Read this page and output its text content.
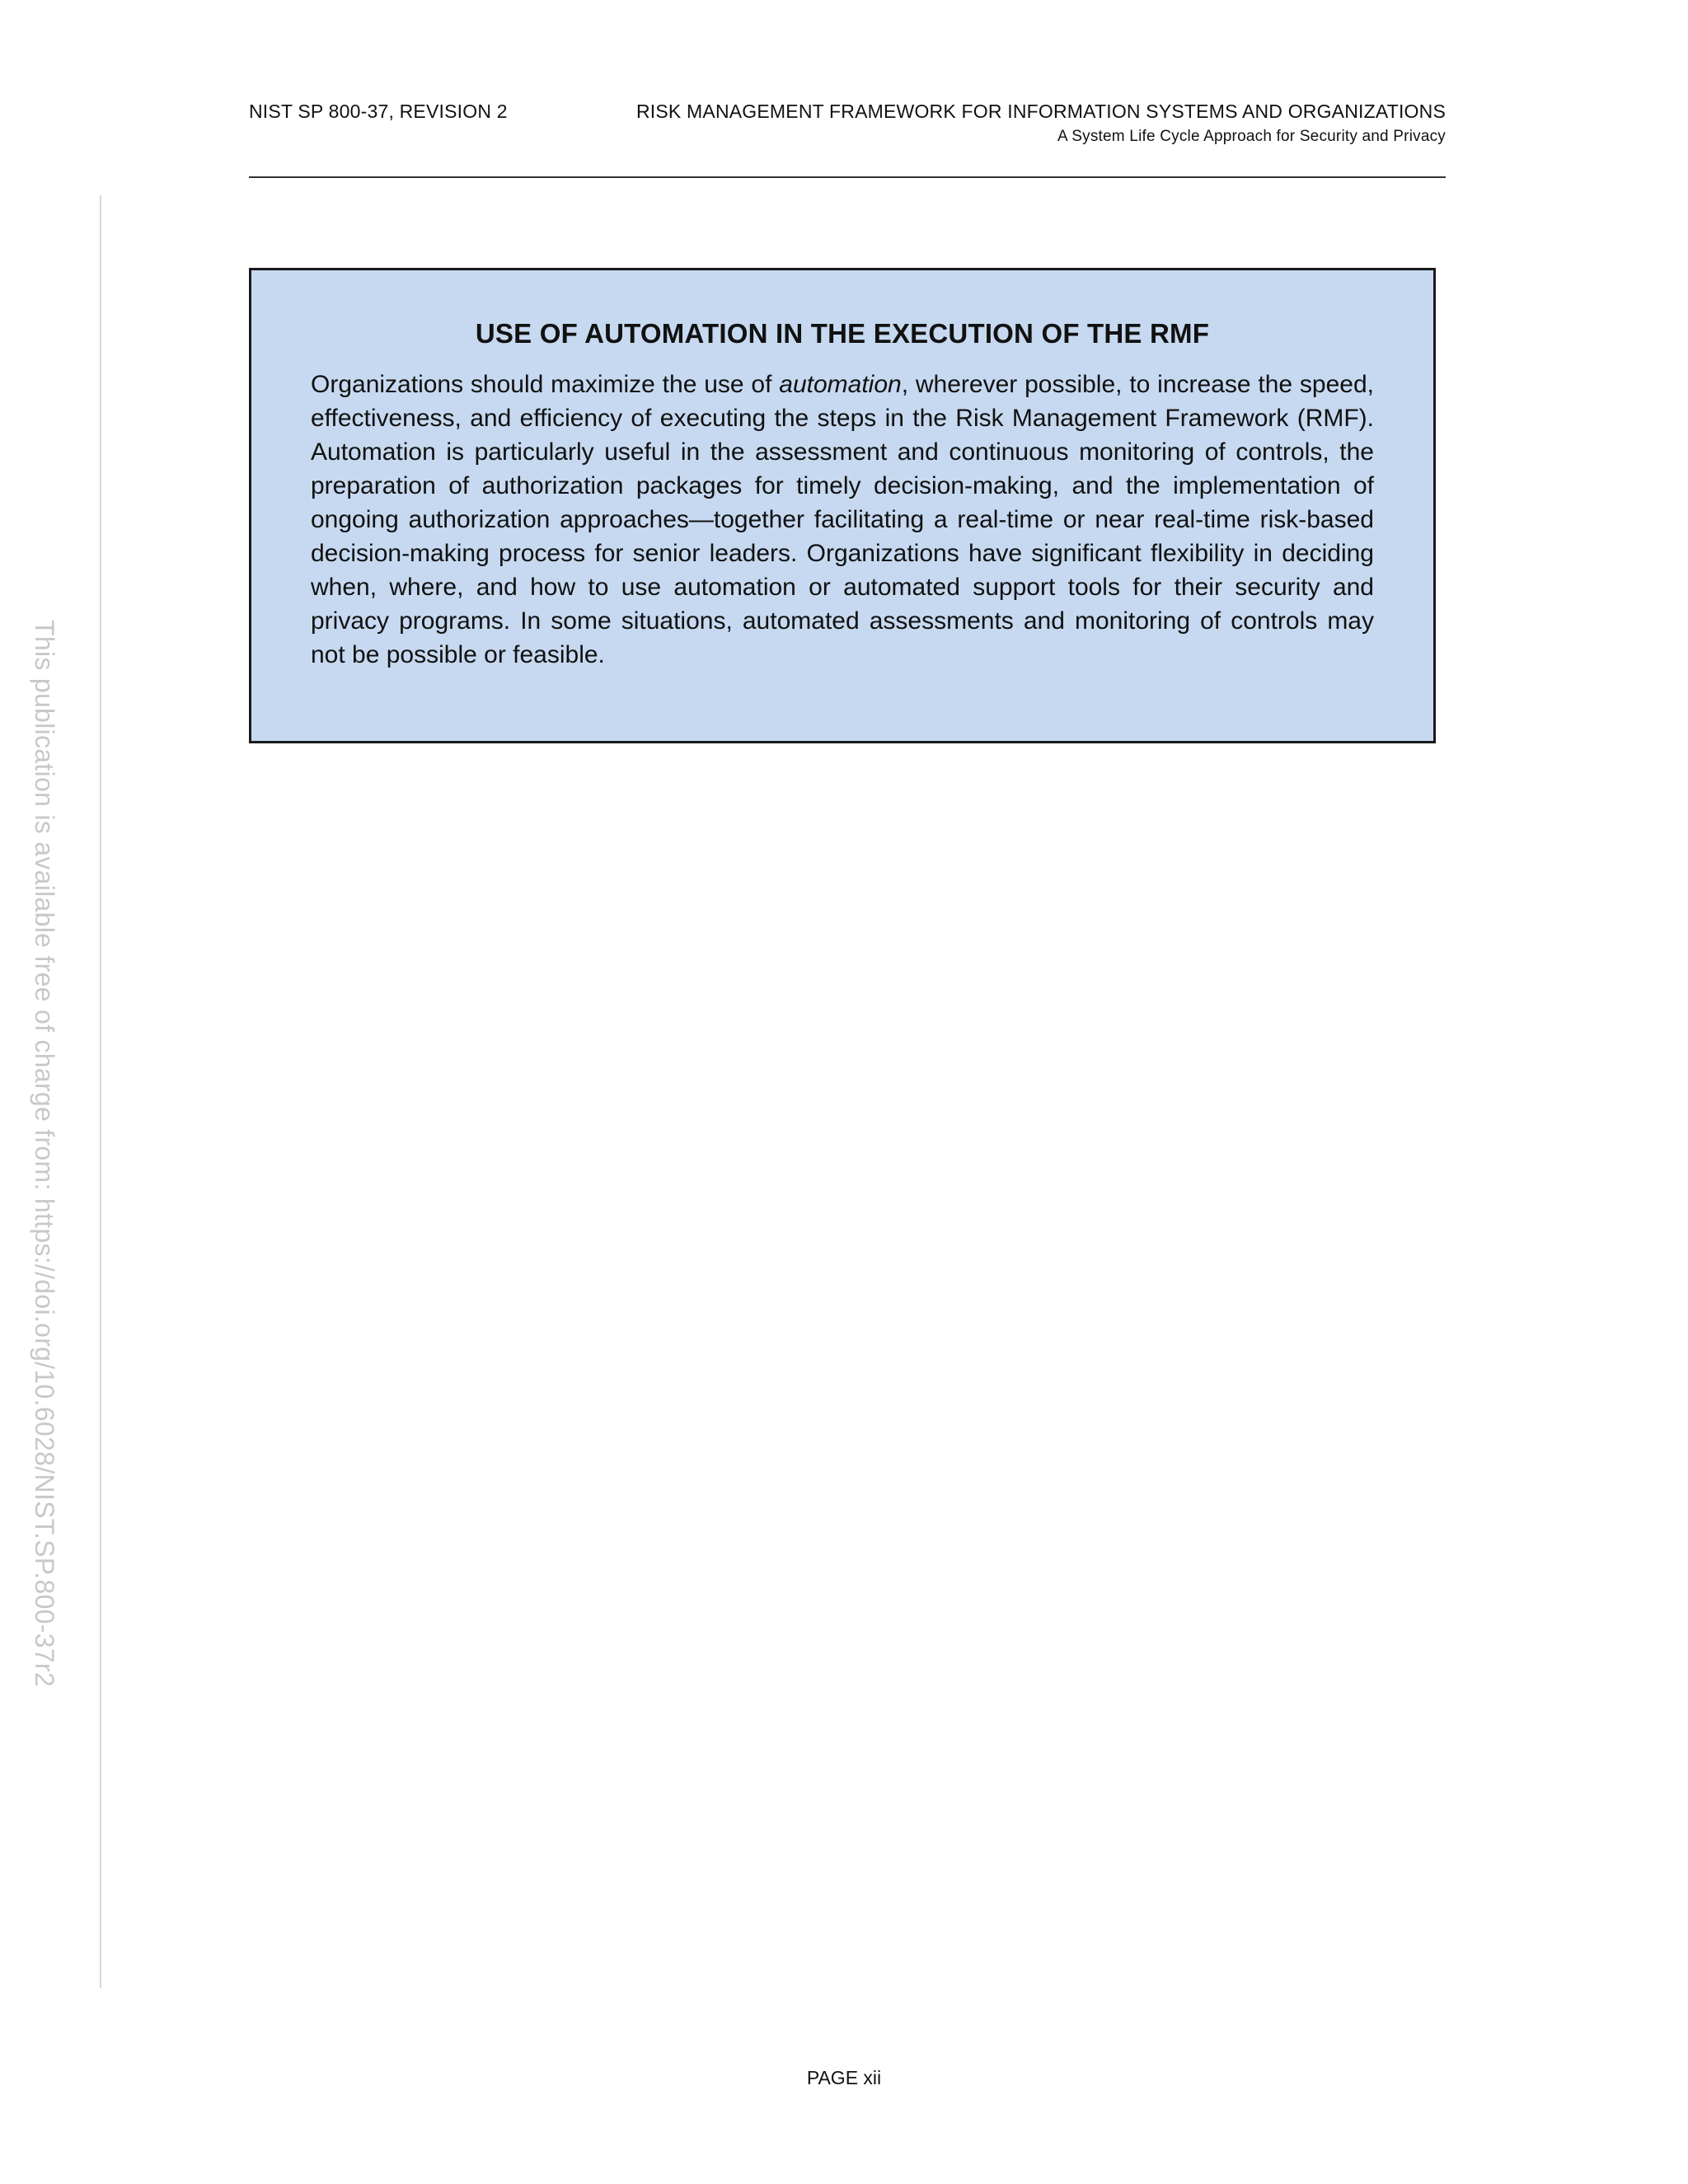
NIST SP 800-37, REVISION 2	RISK MANAGEMENT FRAMEWORK FOR INFORMATION SYSTEMS AND ORGANIZATIONS
A System Life Cycle Approach for Security and Privacy
This publication is available free of charge from: https://doi.org/10.6028/NIST.SP.800-37r2
USE OF AUTOMATION IN THE EXECUTION OF THE RMF

Organizations should maximize the use of automation, wherever possible, to increase the speed, effectiveness, and efficiency of executing the steps in the Risk Management Framework (RMF). Automation is particularly useful in the assessment and continuous monitoring of controls, the preparation of authorization packages for timely decision-making, and the implementation of ongoing authorization approaches—together facilitating a real-time or near real-time risk-based decision-making process for senior leaders. Organizations have significant flexibility in deciding when, where, and how to use automation or automated support tools for their security and privacy programs. In some situations, automated assessments and monitoring of controls may not be possible or feasible.

PAGE xii
